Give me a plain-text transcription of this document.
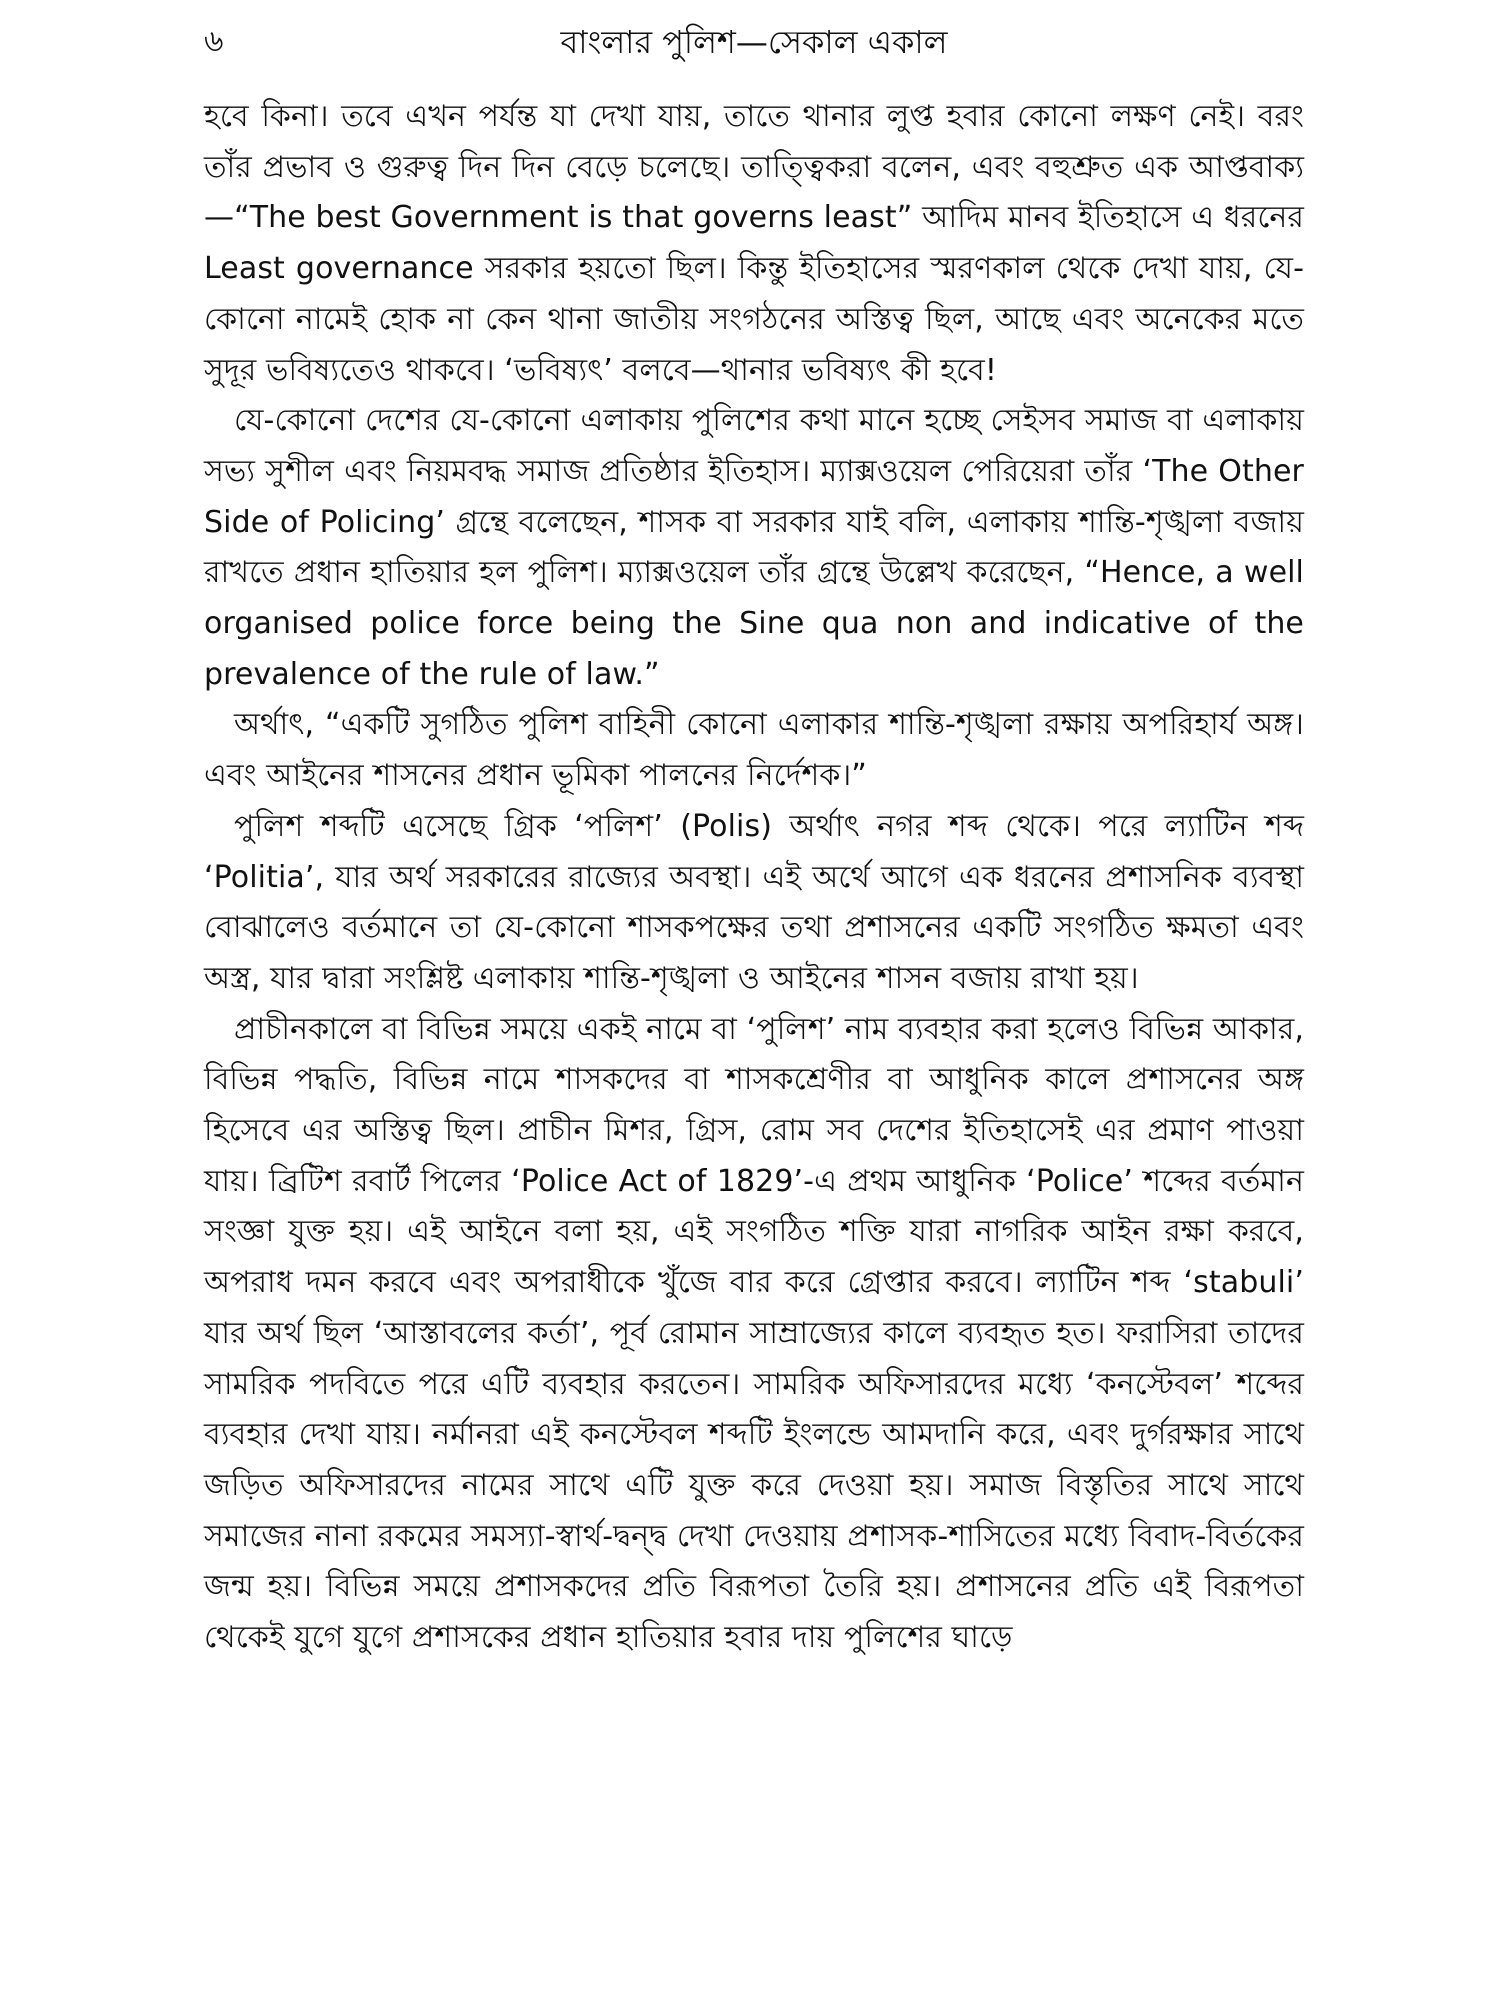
৬	বাংলার পুলিশ—সেকাল একাল

হবে কিনা। তবে এখন পর্যন্ত যা দেখা যায়, তাতে থানার লুপ্ত হবার কোনো লক্ষণ নেই। বরং তাঁর প্রভাব ও গুরুত্ব দিন দিন বেড়ে চলেছে। তাত্ত্বিকরা বলেন, এবং বহুশ্রুত এক আপ্তবাক্য—“The best Government is that governs least” আদিম মানব ইতিহাসে এ ধরনের Least governance সরকার হয়তো ছিল। কিন্তু ইতিহাসের স্মরণকাল থেকে দেখা যায়, যে-কোনো নামেই হোক না কেন থানা জাতীয় সংগঠনের অস্তিত্ব ছিল, আছে এবং অনেকের মতে সুদূর ভবিষ্যতেও থাকবে। ‘ভবিষ্যৎ’ বলবে—থানার ভবিষ্যৎ কী হবে!

যে-কোনো দেশের যে-কোনো এলাকায় পুলিশের কথা মানে হচ্ছে সেইসব সমাজ বা এলাকায় সভ্য সুশীল এবং নিয়মবদ্ধ সমাজ প্রতিষ্ঠার ইতিহাস। ম্যাক্সওয়েল পেরিয়েরা তাঁর ‘The Other Side of Policing’ গ্রন্থে বলেছেন, শাসক বা সরকার যাই বলি, এলাকায় শান্তি-শৃঙ্খলা বজায় রাখতে প্রধান হাতিয়ার হল পুলিশ। ম্যাক্সওয়েল তাঁর গ্রন্থে উল্লেখ করেছেন, “Hence, a well organised police force being the Sine qua non and indicative of the prevalence of the rule of law.”

অর্থাৎ, “একটি সুগঠিত পুলিশ বাহিনী কোনো এলাকার শান্তি-শৃঙ্খলা রক্ষায় অপরিহার্য অঙ্গ। এবং আইনের শাসনের প্রধান ভূমিকা পালনের নির্দেশক।”

পুলিশ শব্দটি এসেছে গ্রিক ‘পলিশ’ (Polis) অর্থাৎ নগর শব্দ থেকে। পরে ল্যাটিন শব্দ ‘Politia’, যার অর্থ সরকারের রাজ্যের অবস্থা। এই অর্থে আগে এক ধরনের প্রশাসনিক ব্যবস্থা বোঝালেও বর্তমানে তা যে-কোনো শাসকপক্ষের তথা প্রশাসনের একটি সংগঠিত ক্ষমতা এবং অস্ত্র, যার দ্বারা সংশ্লিষ্ট এলাকায় শান্তি-শৃঙ্খলা ও আইনের শাসন বজায় রাখা হয়।

প্রাচীনকালে বা বিভিন্ন সময়ে একই নামে বা ‘পুলিশ’ নাম ব্যবহার করা হলেও বিভিন্ন আকার, বিভিন্ন পদ্ধতি, বিভিন্ন নামে শাসকদের বা শাসকশ্রেণীর বা আধুনিক কালে প্রশাসনের অঙ্গ হিসেবে এর অস্তিত্ব ছিল। প্রাচীন মিশর, গ্রিস, রোম সব দেশের ইতিহাসেই এর প্রমাণ পাওয়া যায়। ব্রিটিশ রবার্ট পিলের ‘Police Act of 1829’-এ প্রথম আধুনিক ‘Police’ শব্দের বর্তমান সংজ্ঞা যুক্ত হয়। এই আইনে বলা হয়, এই সংগঠিত শক্তি যারা নাগরিক আইন রক্ষা করবে, অপরাধ দমন করবে এবং অপরাধীকে খুঁজে বার করে গ্রেপ্তার করবে। ল্যাটিন শব্দ ‘stabuli’ যার অর্থ ছিল ‘আস্তাবলের কর্তা’, পূর্ব রোমান সাম্রাজ্যের কালে ব্যবহৃত হত। ফরাসিরা তাদের সামরিক পদবিতে পরে এটি ব্যবহার করতেন। সামরিক অফিসারদের মধ্যে ‘কনস্টেবল’ শব্দের ব্যবহার দেখা যায়। নর্মানরা এই কনস্টেবল শব্দটি ইংলন্ডে আমদানি করে, এবং দুর্গরক্ষার সাথে জড়িত অফিসারদের নামের সাথে এটি যুক্ত করে দেওয়া হয়। সমাজ বিস্তৃতির সাথে সাথে সমাজের নানা রকমের সমস্যা-স্বার্থ-দ্বন্দ্ব দেখা দেওয়ায় প্রশাসক-শাসিতের মধ্যে বিবাদ-বির্তকের জন্ম হয়। বিভিন্ন সময়ে প্রশাসকদের প্রতি বিরূপতা তৈরি হয়। প্রশাসনের প্রতি এই বিরূপতা থেকেই যুগে যুগে প্রশাসকের প্রধান হাতিয়ার হবার দায় পুলিশের ঘাড়ে
